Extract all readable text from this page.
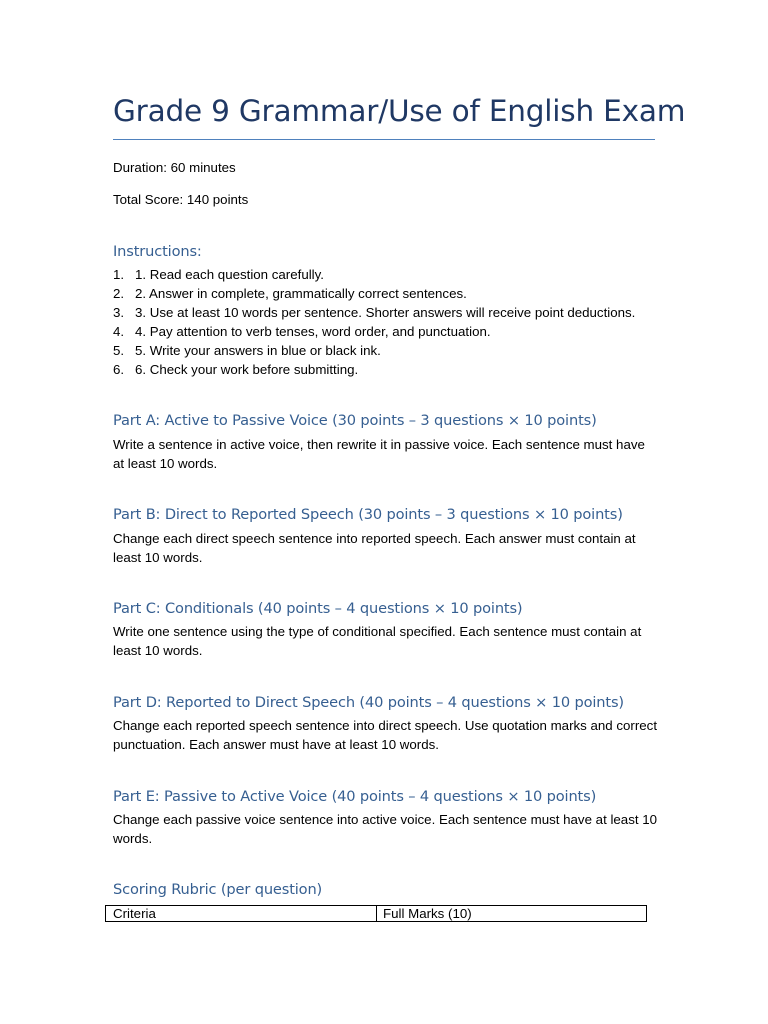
Grade 9 Grammar/Use of English Exam
Duration: 60 minutes
Total Score: 140 points
Instructions:
1. 1. Read each question carefully.
2. 2. Answer in complete, grammatically correct sentences.
3. 3. Use at least 10 words per sentence. Shorter answers will receive point deductions.
4. 4. Pay attention to verb tenses, word order, and punctuation.
5. 5. Write your answers in blue or black ink.
6. 6. Check your work before submitting.
Part A: Active to Passive Voice (30 points – 3 questions × 10 points)
Write a sentence in active voice, then rewrite it in passive voice. Each sentence must have at least 10 words.
Part B: Direct to Reported Speech (30 points – 3 questions × 10 points)
Change each direct speech sentence into reported speech. Each answer must contain at least 10 words.
Part C: Conditionals (40 points – 4 questions × 10 points)
Write one sentence using the type of conditional specified. Each sentence must contain at least 10 words.
Part D: Reported to Direct Speech (40 points – 4 questions × 10 points)
Change each reported speech sentence into direct speech. Use quotation marks and correct punctuation. Each answer must have at least 10 words.
Part E: Passive to Active Voice (40 points – 4 questions × 10 points)
Change each passive voice sentence into active voice. Each sentence must have at least 10 words.
Scoring Rubric (per question)
Criteria	Full Marks (10)
